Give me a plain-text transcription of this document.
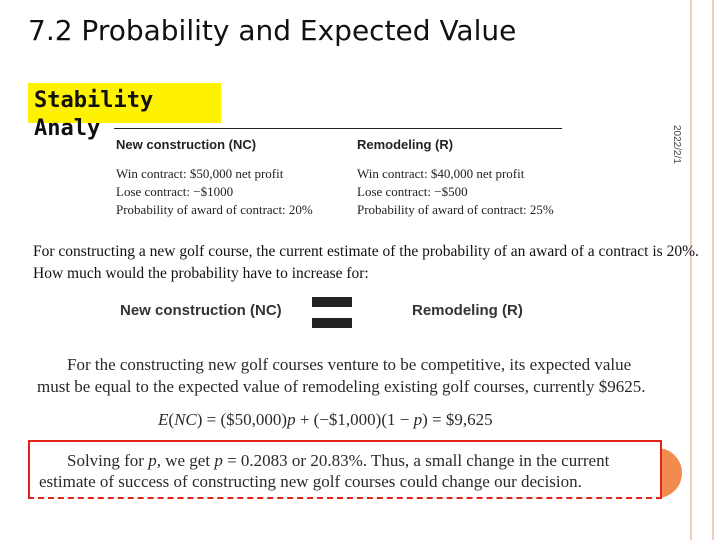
2022/2/1
7.2 Probability and Expected Value
Stability
Analy
New construction (NC)
Win contract: $50,000 net profit
Lose contract: −$1000
Probability of award of contract: 20%
Remodeling (R)
Win contract: $40,000 net profit
Lose contract: −$500
Probability of award of contract: 25%

For constructing a new golf course, the current estimate of the probability of an award of a contract is 20%. How much would the probability have to increase for:

New construction (NC)	Remodeling (R)

For the constructing new golf courses venture to be competitive, its expected value
must be equal to the expected value of remodeling existing golf courses, currently $9625.

E(NC) = ($50,000)p + (−$1,000)(1 − p) = $9,625

Solving for p, we get p = 0.2083 or 20.83%. Thus, a small change in the current
estimate of success of constructing new golf courses could change our decision.
